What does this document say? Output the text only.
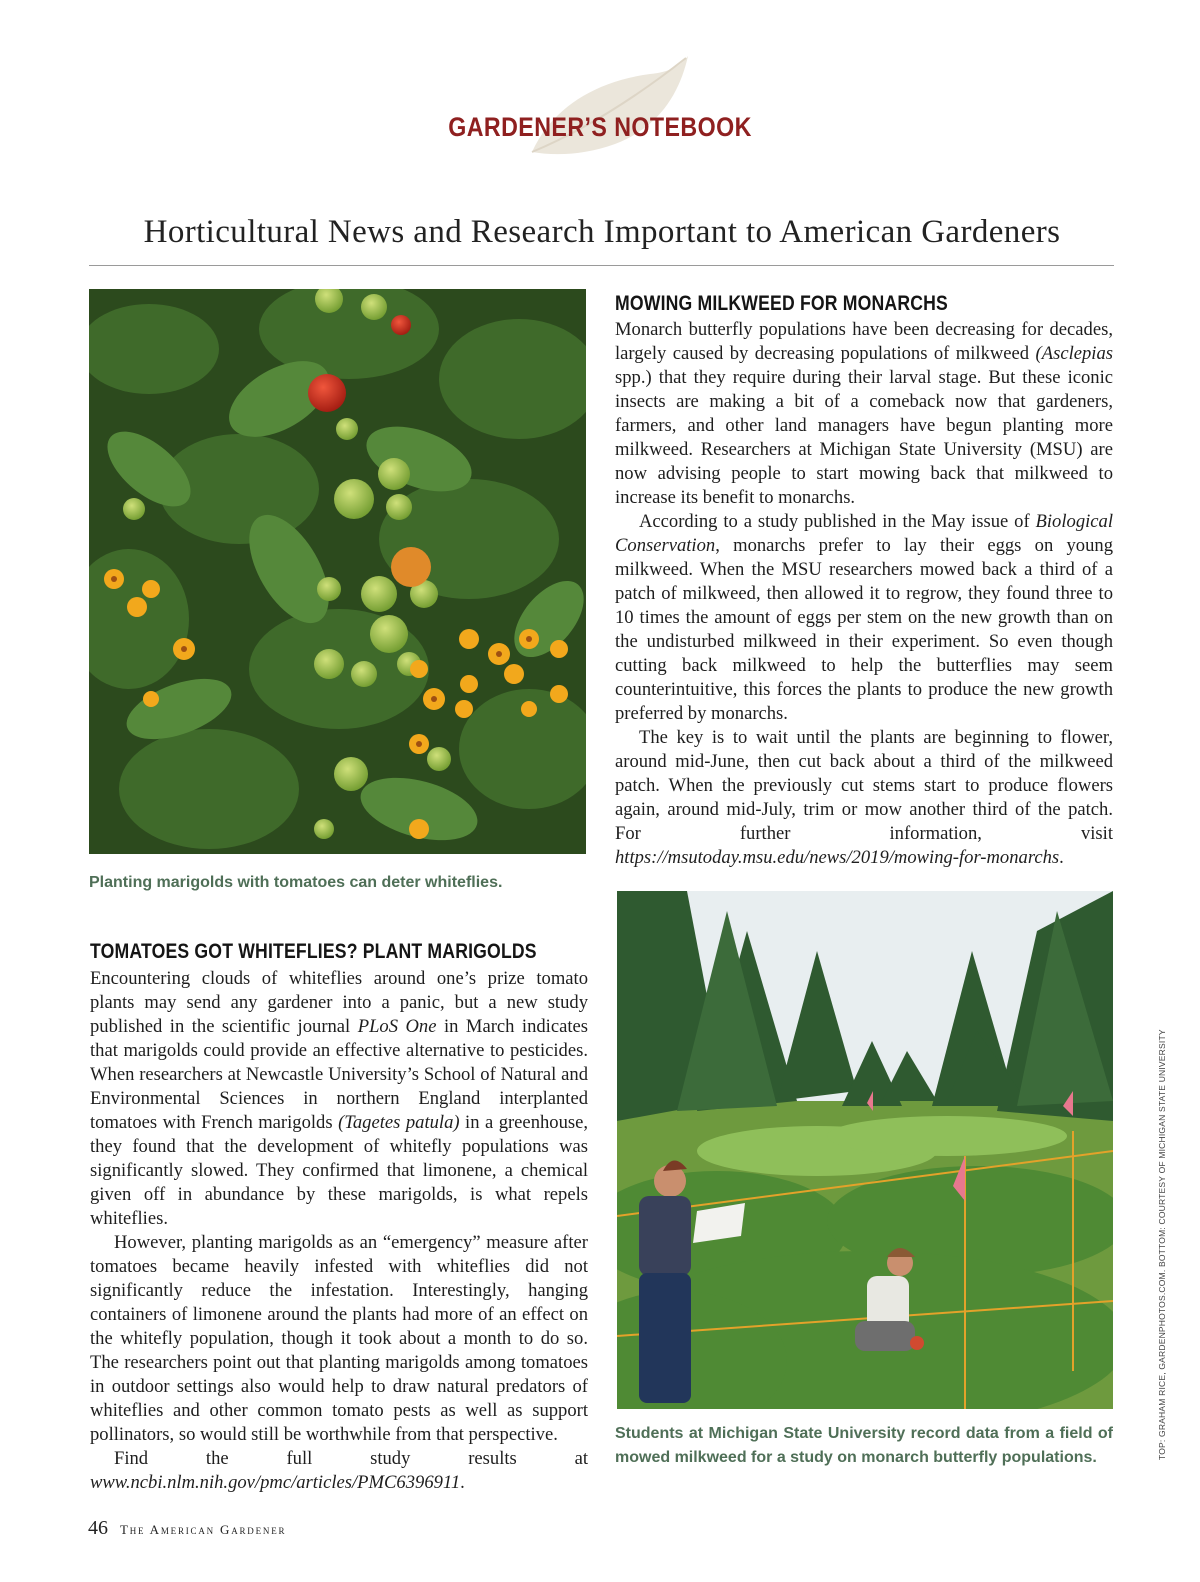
GARDENER’S NOTEBOOK
Horticultural News and Research Important to American Gardeners
Planting marigolds with tomatoes can deter whiteflies.
TOMATOES GOT WHITEFLIES? PLANT MARIGOLDS

Encountering clouds of whiteflies around one’s prize tomato plants may send any gardener into a panic, but a new study published in the scientific journal PLoS One in March indicates that marigolds could provide an effective alternative to pesticides. When researchers at Newcastle University’s School of Natural and Environmental Sciences in northern England interplanted tomatoes with French marigolds (Tagetes patula) in a greenhouse, they found that the development of whitefly populations was significantly slowed. They confirmed that limonene, a chemical given off in abundance by these marigolds, is what repels whiteflies.

However, planting marigolds as an “emergency” measure after tomatoes became heavily infested with whiteflies did not significantly reduce the infestation. Interestingly, hanging containers of limonene around the plants had more of an effect on the whitefly population, though it took about a month to do so. The researchers point out that planting marigolds among tomatoes in outdoor settings also would help to draw natural predators of whiteflies and other common tomato pests as well as support pollinators, so would still be worthwhile from that perspective.

Find the full study results at www.ncbi.nlm.nih.gov/pmc/articles/PMC6396911.

MOWING MILKWEED FOR MONARCHS

Monarch butterfly populations have been decreasing for decades, largely caused by decreasing populations of milkweed (Asclepias spp.) that they require during their larval stage. But these iconic insects are making a bit of a comeback now that gardeners, farmers, and other land managers have begun planting more milkweed. Researchers at Michigan State University (MSU) are now advising people to start mowing back that milkweed to increase its benefit to monarchs.

According to a study published in the May issue of Biological Conservation, monarchs prefer to lay their eggs on young milkweed. When the MSU researchers mowed back a third of a patch of milkweed, then allowed it to regrow, they found three to 10 times the amount of eggs per stem on the new growth than on the undisturbed milkweed in their experiment. So even though cutting back milkweed to help the butterflies may seem counterintuitive, this forces the plants to produce the new growth preferred by monarchs.

The key is to wait until the plants are beginning to flower, around mid-June, then cut back about a third of the milkweed patch. When the previously cut stems start to produce flowers again, around mid-July, trim or mow another third of the patch. For further information, visit https://msutoday.msu.edu/news/2019/mowing-for-monarchs.

Students at Michigan State University record data from a field of mowed milkweed for a study on monarch butterfly populations.
46 The American Gardener
TOP: GRAHAM RICE, GARDENPHOTOS.COM. BOTTOM: COURTESY OF MICHIGAN STATE UNIVERSITY
